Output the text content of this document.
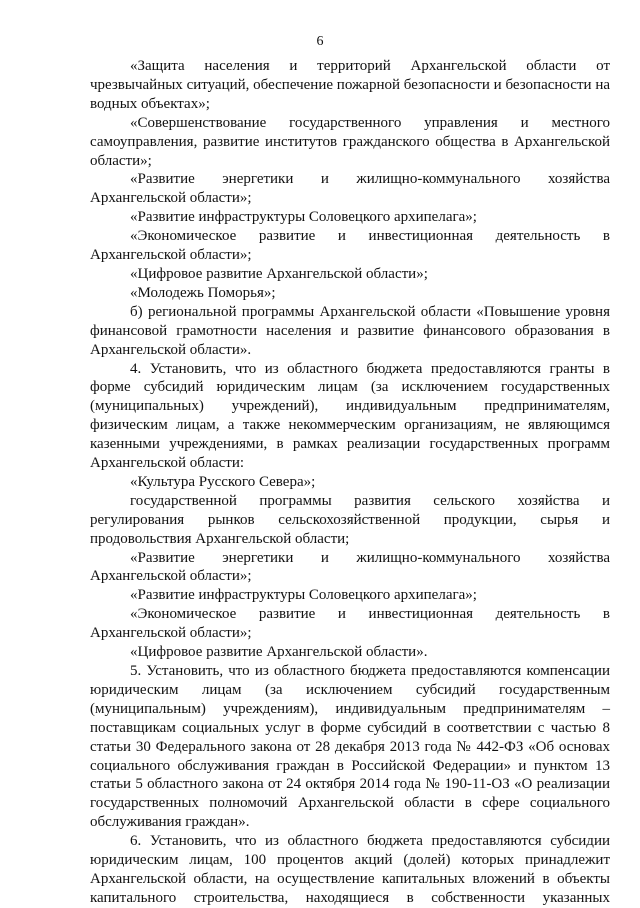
6

«Защита населения и территорий Архангельской области от чрезвычайных ситуаций, обеспечение пожарной безопасности и безопасности на водных объектах»;

«Совершенствование государственного управления и местного самоуправления, развитие институтов гражданского общества в Архангельской области»;

«Развитие энергетики и жилищно-коммунального хозяйства Архангельской области»;

«Развитие инфраструктуры Соловецкого архипелага»;

«Экономическое развитие и инвестиционная деятельность в Архангельской области»;

«Цифровое развитие Архангельской области»;

«Молодежь Поморья»;

б) региональной программы Архангельской области «Повышение уровня финансовой грамотности населения и развитие финансового образования в Архангельской области».

4. Установить, что из областного бюджета предоставляются гранты в форме субсидий юридическим лицам (за исключением государственных (муниципальных) учреждений), индивидуальным предпринимателям, физическим лицам, а также некоммерческим организациям, не являющимся казенными учреждениями, в рамках реализации государственных программ Архангельской области:

«Культура Русского Севера»;

государственной программы развития сельского хозяйства и регулирования рынков сельскохозяйственной продукции, сырья и продовольствия Архангельской области;

«Развитие энергетики и жилищно-коммунального хозяйства Архангельской области»;

«Развитие инфраструктуры Соловецкого архипелага»;

«Экономическое развитие и инвестиционная деятельность в Архангельской области»;

«Цифровое развитие Архангельской области».

5. Установить, что из областного бюджета предоставляются компенсации юридическим лицам (за исключением субсидий государственным (муниципальным) учреждениям), индивидуальным предпринимателям – поставщикам социальных услуг в форме субсидий в соответствии с частью 8 статьи 30 Федерального закона от 28 декабря 2013 года № 442-ФЗ «Об основах социального обслуживания граждан в Российской Федерации» и пунктом 13 статьи 5 областного закона от 24 октября 2014 года № 190-11-ОЗ «О реализации государственных полномочий Архангельской области в сфере социального обслуживания граждан».

6. Установить, что из областного бюджета предоставляются субсидии юридическим лицам, 100 процентов акций (долей) которых принадлежит Архангельской области, на осуществление капитальных вложений в объекты капитального строительства, находящиеся в собственности указанных
